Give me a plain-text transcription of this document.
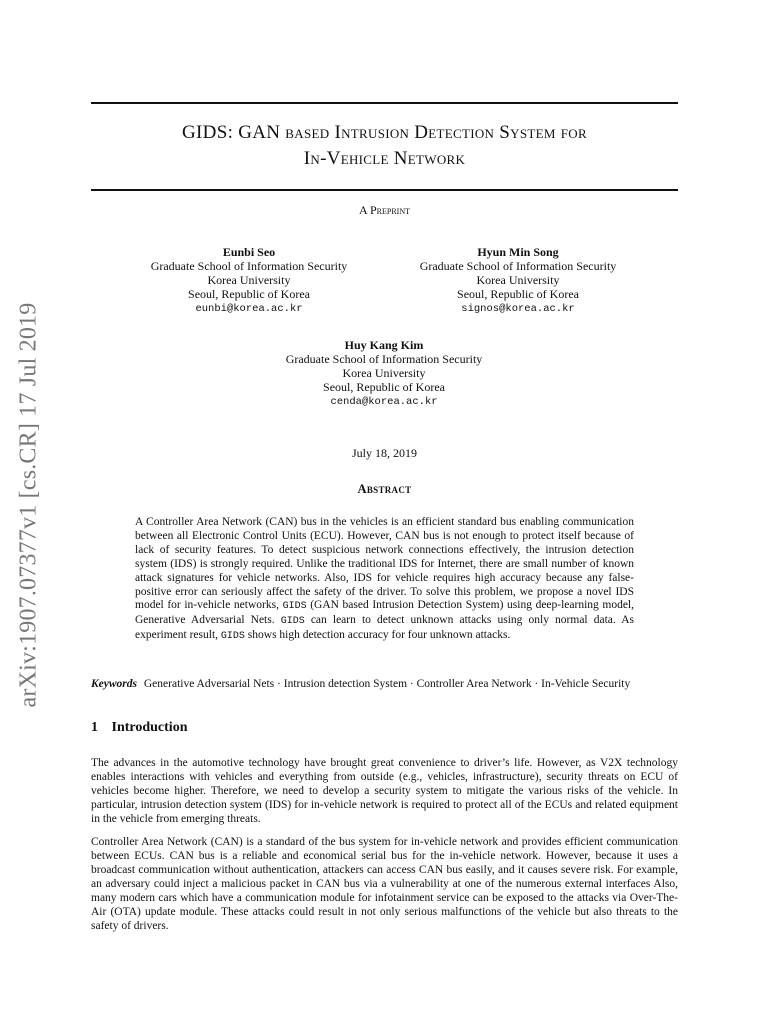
arXiv:1907.07377v1 [cs.CR] 17 Jul 2019
GIDS: GAN based Intrusion Detection System for
In-Vehicle Network
A Preprint
Eunbi Seo
Graduate School of Information Security
Korea University
Seoul, Republic of Korea
eunbi@korea.ac.kr
Hyun Min Song
Graduate School of Information Security
Korea University
Seoul, Republic of Korea
signos@korea.ac.kr
Huy Kang Kim
Graduate School of Information Security
Korea University
Seoul, Republic of Korea
cenda@korea.ac.kr
July 18, 2019
Abstract

A Controller Area Network (CAN) bus in the vehicles is an efficient standard bus enabling communication between all Electronic Control Units (ECU). However, CAN bus is not enough to protect itself because of lack of security features. To detect suspicious network connections effectively, the intrusion detection system (IDS) is strongly required. Unlike the traditional IDS for Internet, there are small number of known attack signatures for vehicle networks. Also, IDS for vehicle requires high accuracy because any false-positive error can seriously affect the safety of the driver. To solve this problem, we propose a novel IDS model for in-vehicle networks, GIDS (GAN based Intrusion Detection System) using deep-learning model, Generative Adversarial Nets. GIDS can learn to detect unknown attacks using only normal data. As experiment result, GIDS shows high detection accuracy for four unknown attacks.

Keywords Generative Adversarial Nets · Intrusion detection System · Controller Area Network · In-Vehicle Security
1 Introduction

The advances in the automotive technology have brought great convenience to driver’s life. However, as V2X technology enables interactions with vehicles and everything from outside (e.g., vehicles, infrastructure), security threats on ECU of vehicles become higher. Therefore, we need to develop a security system to mitigate the various risks of the vehicle. In particular, intrusion detection system (IDS) for in-vehicle network is required to protect all of the ECUs and related equipment in the vehicle from emerging threats.

Controller Area Network (CAN) is a standard of the bus system for in-vehicle network and provides efficient communication between ECUs. CAN bus is a reliable and economical serial bus for the in-vehicle network. However, because it uses a broadcast communication without authentication, attackers can access CAN bus easily, and it causes severe risk. For example, an adversary could inject a malicious packet in CAN bus via a vulnerability at one of the numerous external interfaces Also, many modern cars which have a communication module for infotainment service can be exposed to the attacks via Over-The-Air (OTA) update module. These attacks could result in not only serious malfunctions of the vehicle but also threats to the safety of drivers.
